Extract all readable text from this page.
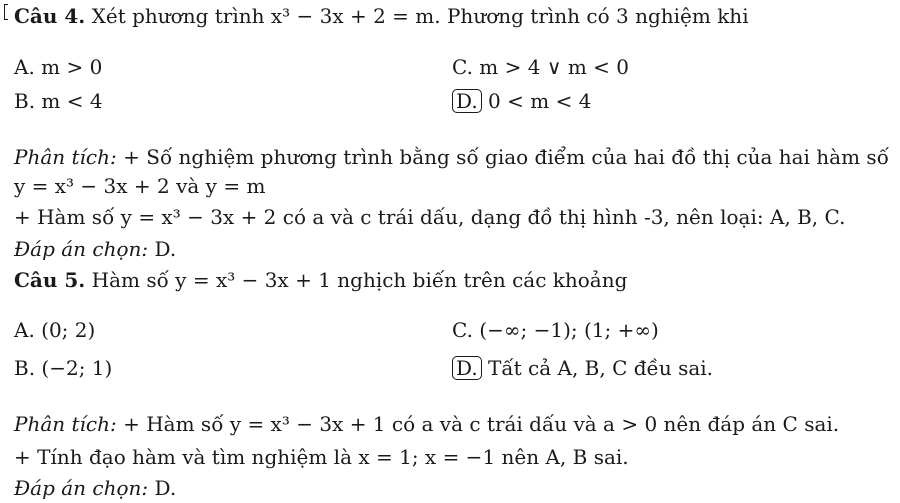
Câu 4. Xét phương trình x³ − 3x + 2 = m. Phương trình có 3 nghiệm khi
A. m > 0	C. m > 4 ∨ m < 0
B. m < 4	D. 0 < m < 4
Phân tích: + Số nghiệm phương trình bằng số giao điểm của hai đồ thị của hai hàm số
y = x³ − 3x + 2 và y = m
+ Hàm số y = x³ − 3x + 2 có a và c trái dấu, dạng đồ thị hình -3, nên loại: A, B, C.
Đáp án chọn: D.
Câu 5. Hàm số y = x³ − 3x + 1 nghịch biến trên các khoảng
A. (0; 2)	C. (−∞; −1); (1; +∞)
B. (−2; 1)	D. Tất cả A, B, C đều sai.
Phân tích: + Hàm số y = x³ − 3x + 1 có a và c trái dấu và a > 0 nên đáp án C sai.
+ Tính đạo hàm và tìm nghiệm là x = 1; x = −1 nên A, B sai.
Đáp án chọn: D.
